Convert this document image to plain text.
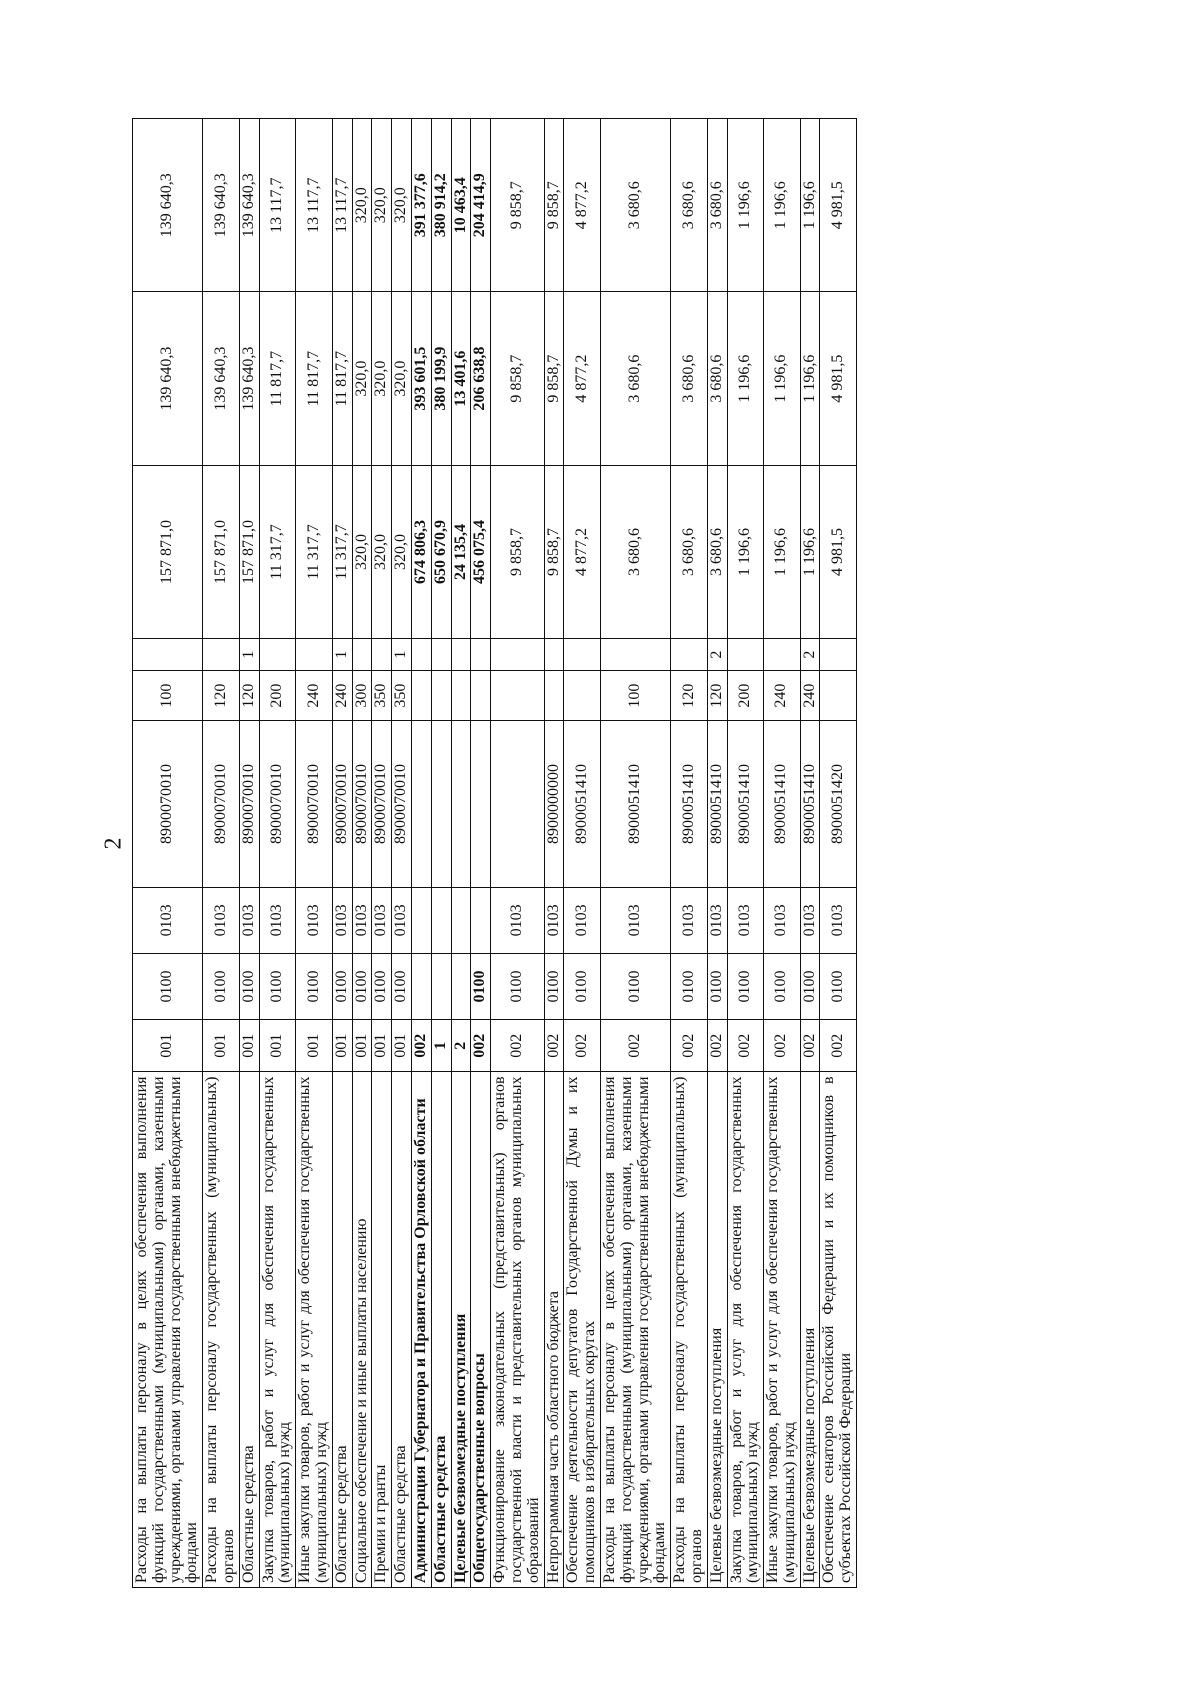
2
Расходы на выплаты персоналу в целях обеспечения выполнения функций государственными (муниципальными) органами, казенными учреждениями, органами управления государственными внебюджетными фондами	001	0100	0103	8900070010	100		157 871,0	139 640,3	139 640,3
Расходы на выплаты персоналу государственных (муниципальных) органов	001	0100	0103	8900070010	120		157 871,0	139 640,3	139 640,3
Областные средства	001	0100	0103	8900070010	120	1	157 871,0	139 640,3	139 640,3
Закупка товаров, работ и услуг для обеспечения государственных (муниципальных) нужд	001	0100	0103	8900070010	200		11 317,7	11 817,7	13 117,7
Иные закупки товаров, работ и услуг для обеспечения государственных (муниципальных) нужд	001	0100	0103	8900070010	240		11 317,7	11 817,7	13 117,7
Областные средства	001	0100	0103	8900070010	240	1	11 317,7	11 817,7	13 117,7
Социальное обеспечение и иные выплаты населению	001	0100	0103	8900070010	300		320,0	320,0	320,0
Премии и гранты	001	0100	0103	8900070010	350		320,0	320,0	320,0
Областные средства	001	0100	0103	8900070010	350	1	320,0	320,0	320,0
Администрация Губернатора и Правительства Орловской области	002						674 806,3	393 601,5	391 377,6
Областные средства	1						650 670,9	380 199,9	380 914,2
Целевые безвозмездные поступления	2						24 135,4	13 401,6	10 463,4
Общегосударственные вопросы	002	0100					456 075,4	206 638,8	204 414,9
Функционирование законодательных (представительных) органов государственной власти и представительных органов муниципальных образований	002	0100	0103				9 858,7	9 858,7	9 858,7
Непрограммная часть областного бюджета	002	0100	0103	8900000000			9 858,7	9 858,7	9 858,7
Обеспечение деятельности депутатов Государственной Думы и их помощников в избирательных округах	002	0100	0103	8900051410			4 877,2	4 877,2	4 877,2
Расходы на выплаты персоналу в целях обеспечения выполнения функций государственными (муниципальными) органами, казенными учреждениями, органами управления государственными внебюджетными фондами	002	0100	0103	8900051410	100		3 680,6	3 680,6	3 680,6
Расходы на выплаты персоналу государственных (муниципальных) органов	002	0100	0103	8900051410	120		3 680,6	3 680,6	3 680,6
Целевые безвозмездные поступления	002	0100	0103	8900051410	120	2	3 680,6	3 680,6	3 680,6
Закупка товаров, работ и услуг для обеспечения государственных (муниципальных) нужд	002	0100	0103	8900051410	200		1 196,6	1 196,6	1 196,6
Иные закупки товаров, работ и услуг для обеспечения государственных (муниципальных) нужд	002	0100	0103	8900051410	240		1 196,6	1 196,6	1 196,6
Целевые безвозмездные поступления	002	0100	0103	8900051410	240	2	1 196,6	1 196,6	1 196,6
Обеспечение сенаторов Российской Федерации и их помощников в субъектах Российской Федерации	002	0100	0103	8900051420			4 981,5	4 981,5	4 981,5
